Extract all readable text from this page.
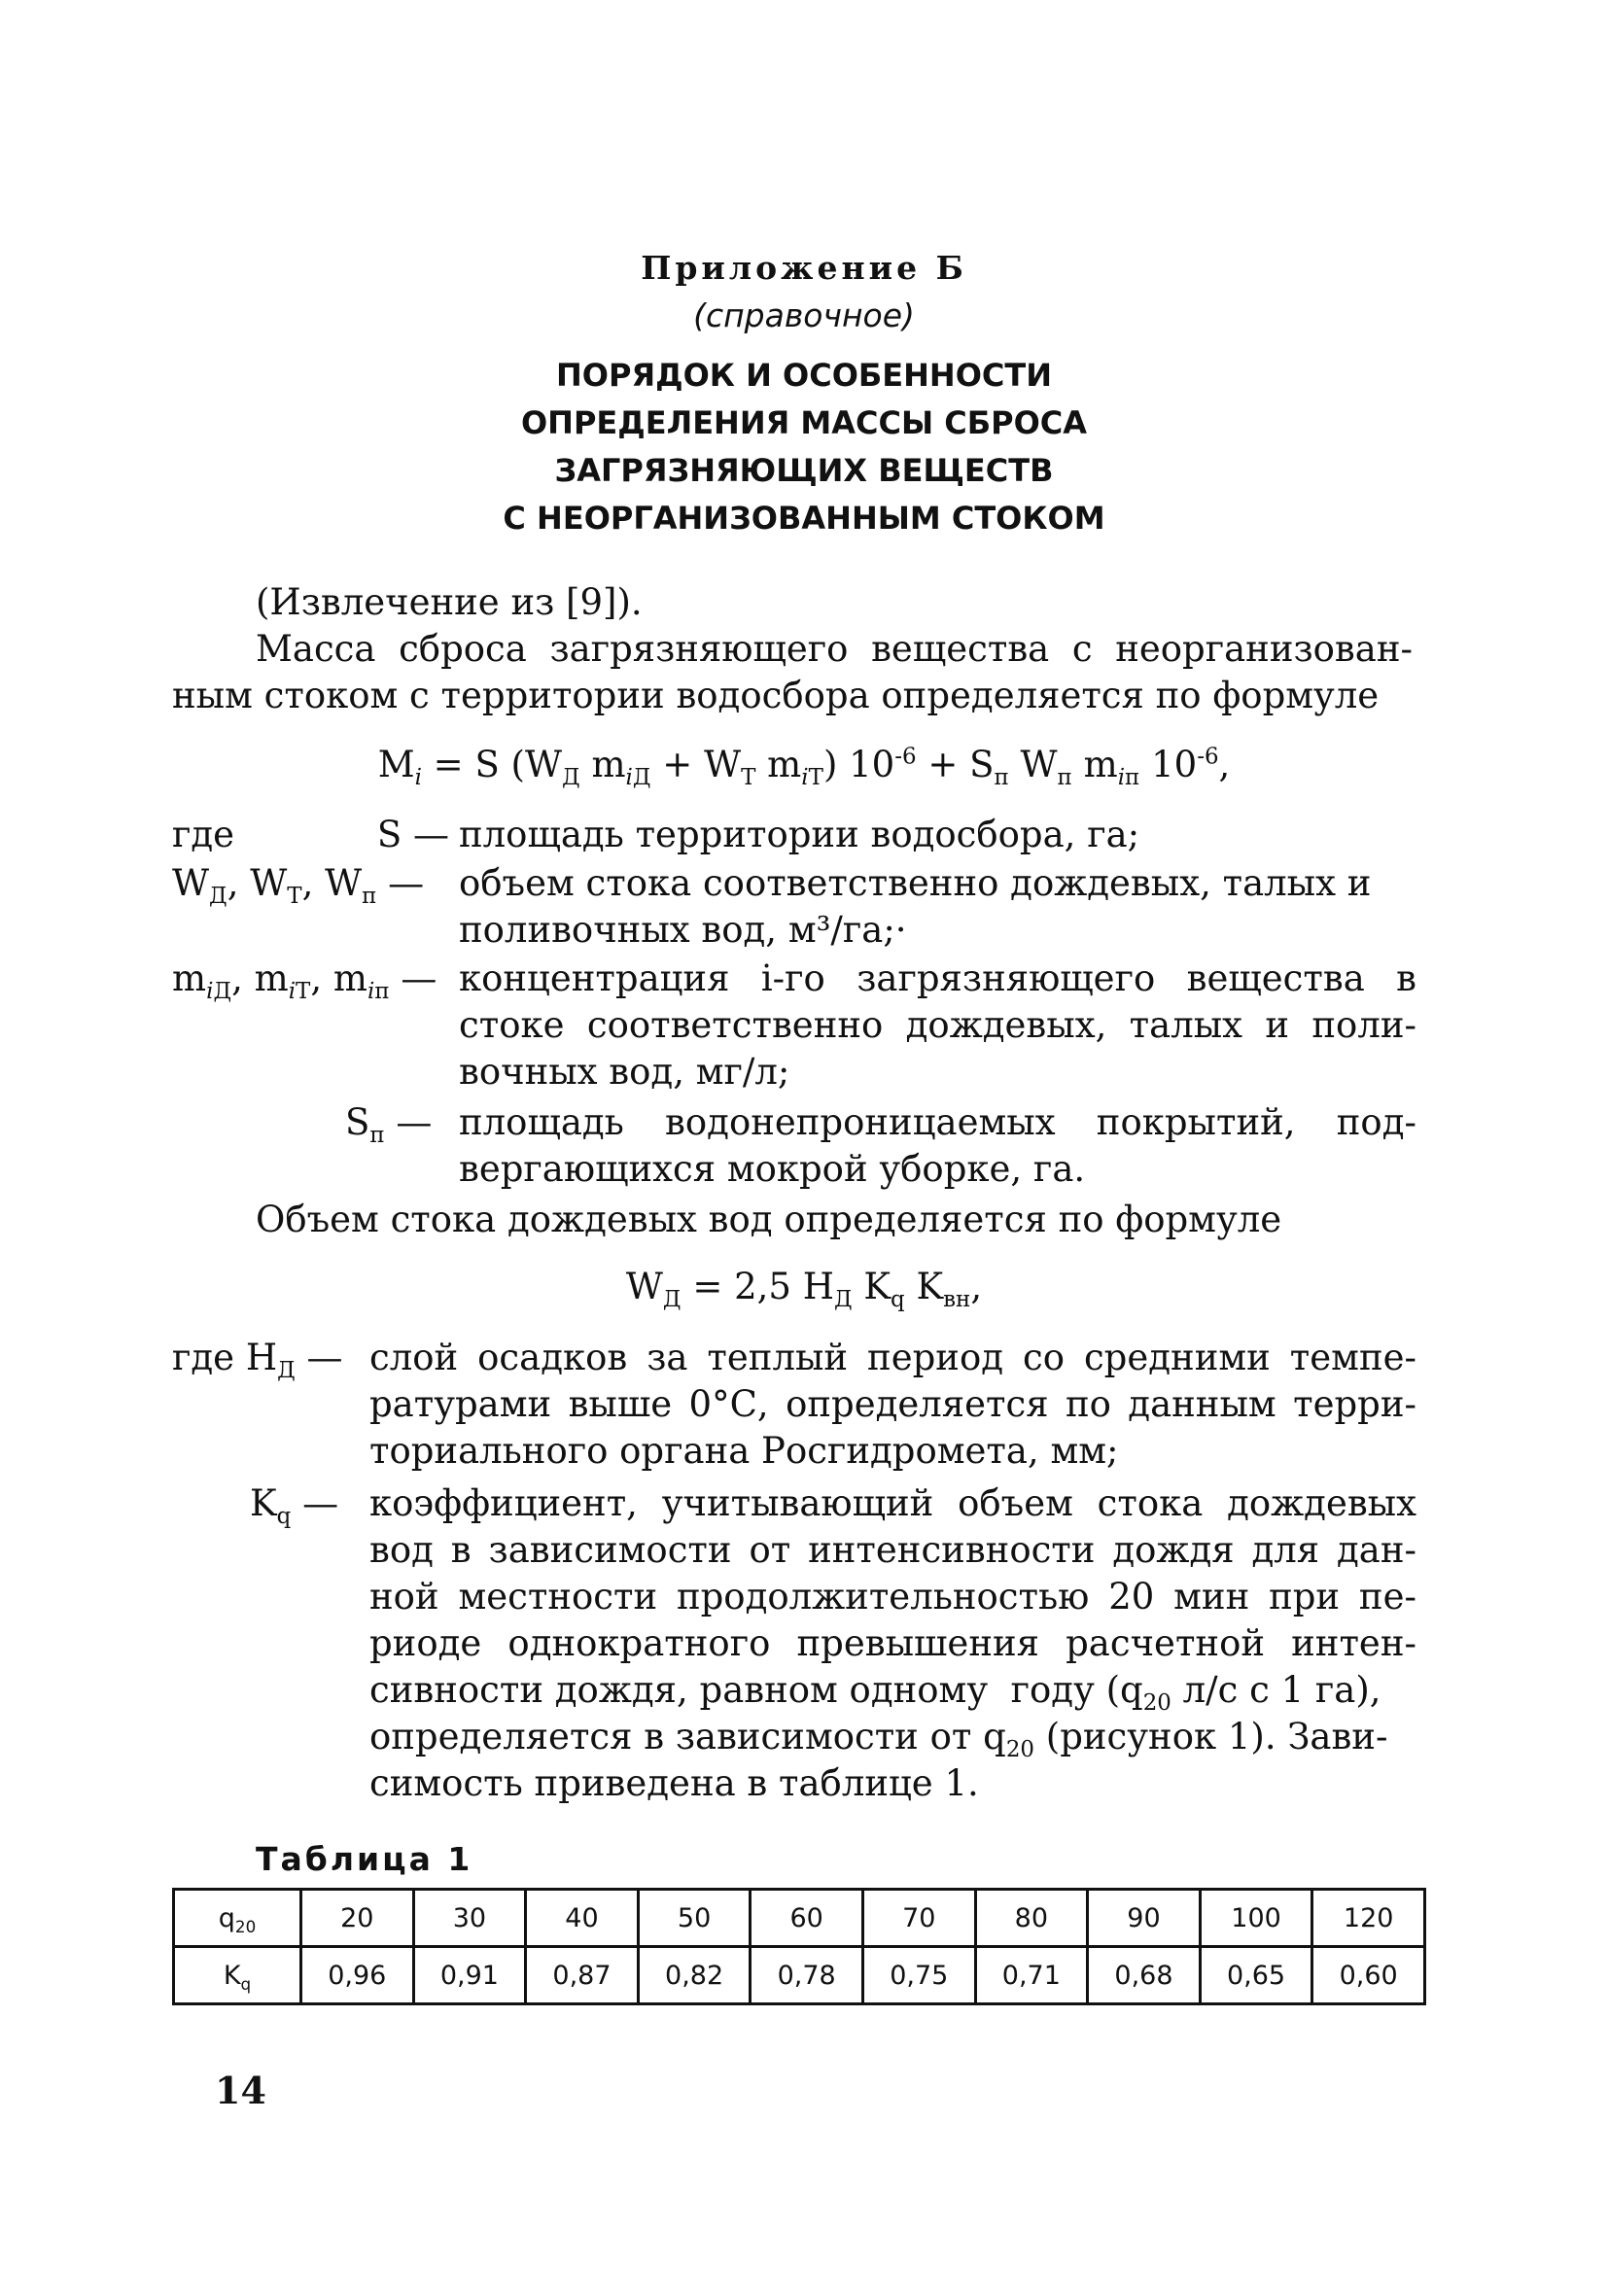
Приложение Б
(справочное)
ПОРЯДОК И ОСОБЕННОСТИ
ОПРЕДЕЛЕНИЯ МАССЫ СБРОСА
ЗАГРЯЗНЯЮЩИХ ВЕЩЕСТВ
С НЕОРГАНИЗОВАННЫМ СТОКОМ
(Извлечение из [9]).
Масса сброса загрязняющего вещества с неорганизован-
ным стоком с территории водосбора определяется по формуле
$M_i = S$ ($W_Д$ $m_{iД} + W_Т$ $m_{iТ}$) $10^{-6} + S_п$ $W_п$ $m_{iп}$ $10^{-6}$,
где	S — площадь территории водосбора, га;
$W_Д$, $W_Т$, $W_п$ — объем стока соответственно дождевых, талых и
поливочных вод, м³/га;·
$m_{iД}$, $m_{iТ}$, $m_{iп}$ — концентрация i-го загрязняющего вещества в
стоке соответственно дождевых, талых и поли-
вочных вод, мг/л;
$S_п$ — площадь водонепроницаемых покрытий, под-
вергающихся мокрой уборке, га.
Объем стока дождевых вод определяется по формуле
$W_Д = 2,5$ $H_Д$ $K_q$ $K_{вн}$,
где $H_Д$ — слой осадков за теплый период со средними темпе-
ратурами выше 0°С, определяется по данным терри-
ториального органа Росгидромета, мм;
$K_q$ — коэффициент, учитывающий объем стока дождевых
вод в зависимости от интенсивности дождя для дан-
ной местности продолжительностью 20 мин при пе-
риоде однократного превышения расчетной интен-
сивности дождя, равном одному  году ($q_{20}$ л/с с 1 га),
определяется в зависимости от $q_{20}$ (рисунок 1). Зави-
симость приведена в таблице 1.
Таблица 1
$q_{20}$	20	30	40	50	60	70	80	90	100	120
$K_q$	0,96	0,91	0,87	0,82	0,78	0,75	0,71	0,68	0,65	0,60
14
